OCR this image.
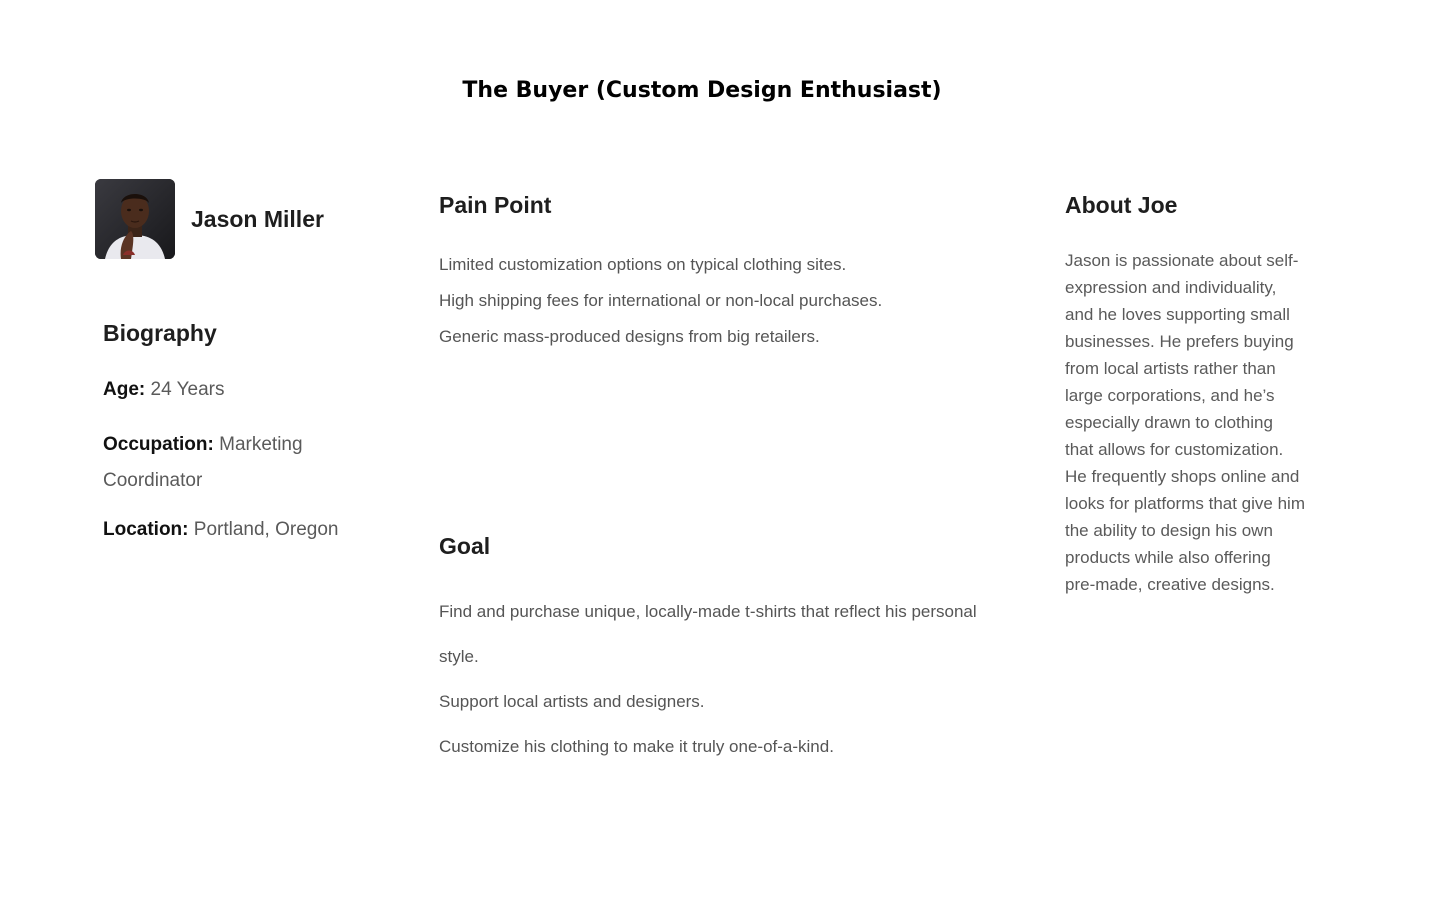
The Buyer (Custom Design Enthusiast)
Jason Miller
Biography

Age: 24 Years

Occupation: Marketing Coordinator

Location: Portland, Oregon

Pain Point
Limited customization options on typical clothing sites.
High shipping fees for international or non-local purchases.
Generic mass-produced designs from big retailers.
Goal
Find and purchase unique, locally-made t-shirts that reflect his personal style.
Support local artists and designers.
Customize his clothing to make it truly one-of-a-kind.
About Joe

Jason is passionate about self-expression and individuality, and he loves supporting small businesses. He prefers buying from local artists rather than large corporations, and he’s especially drawn to clothing that allows for customization. He frequently shops online and looks for platforms that give him the ability to design his own products while also offering pre-made, creative designs.
